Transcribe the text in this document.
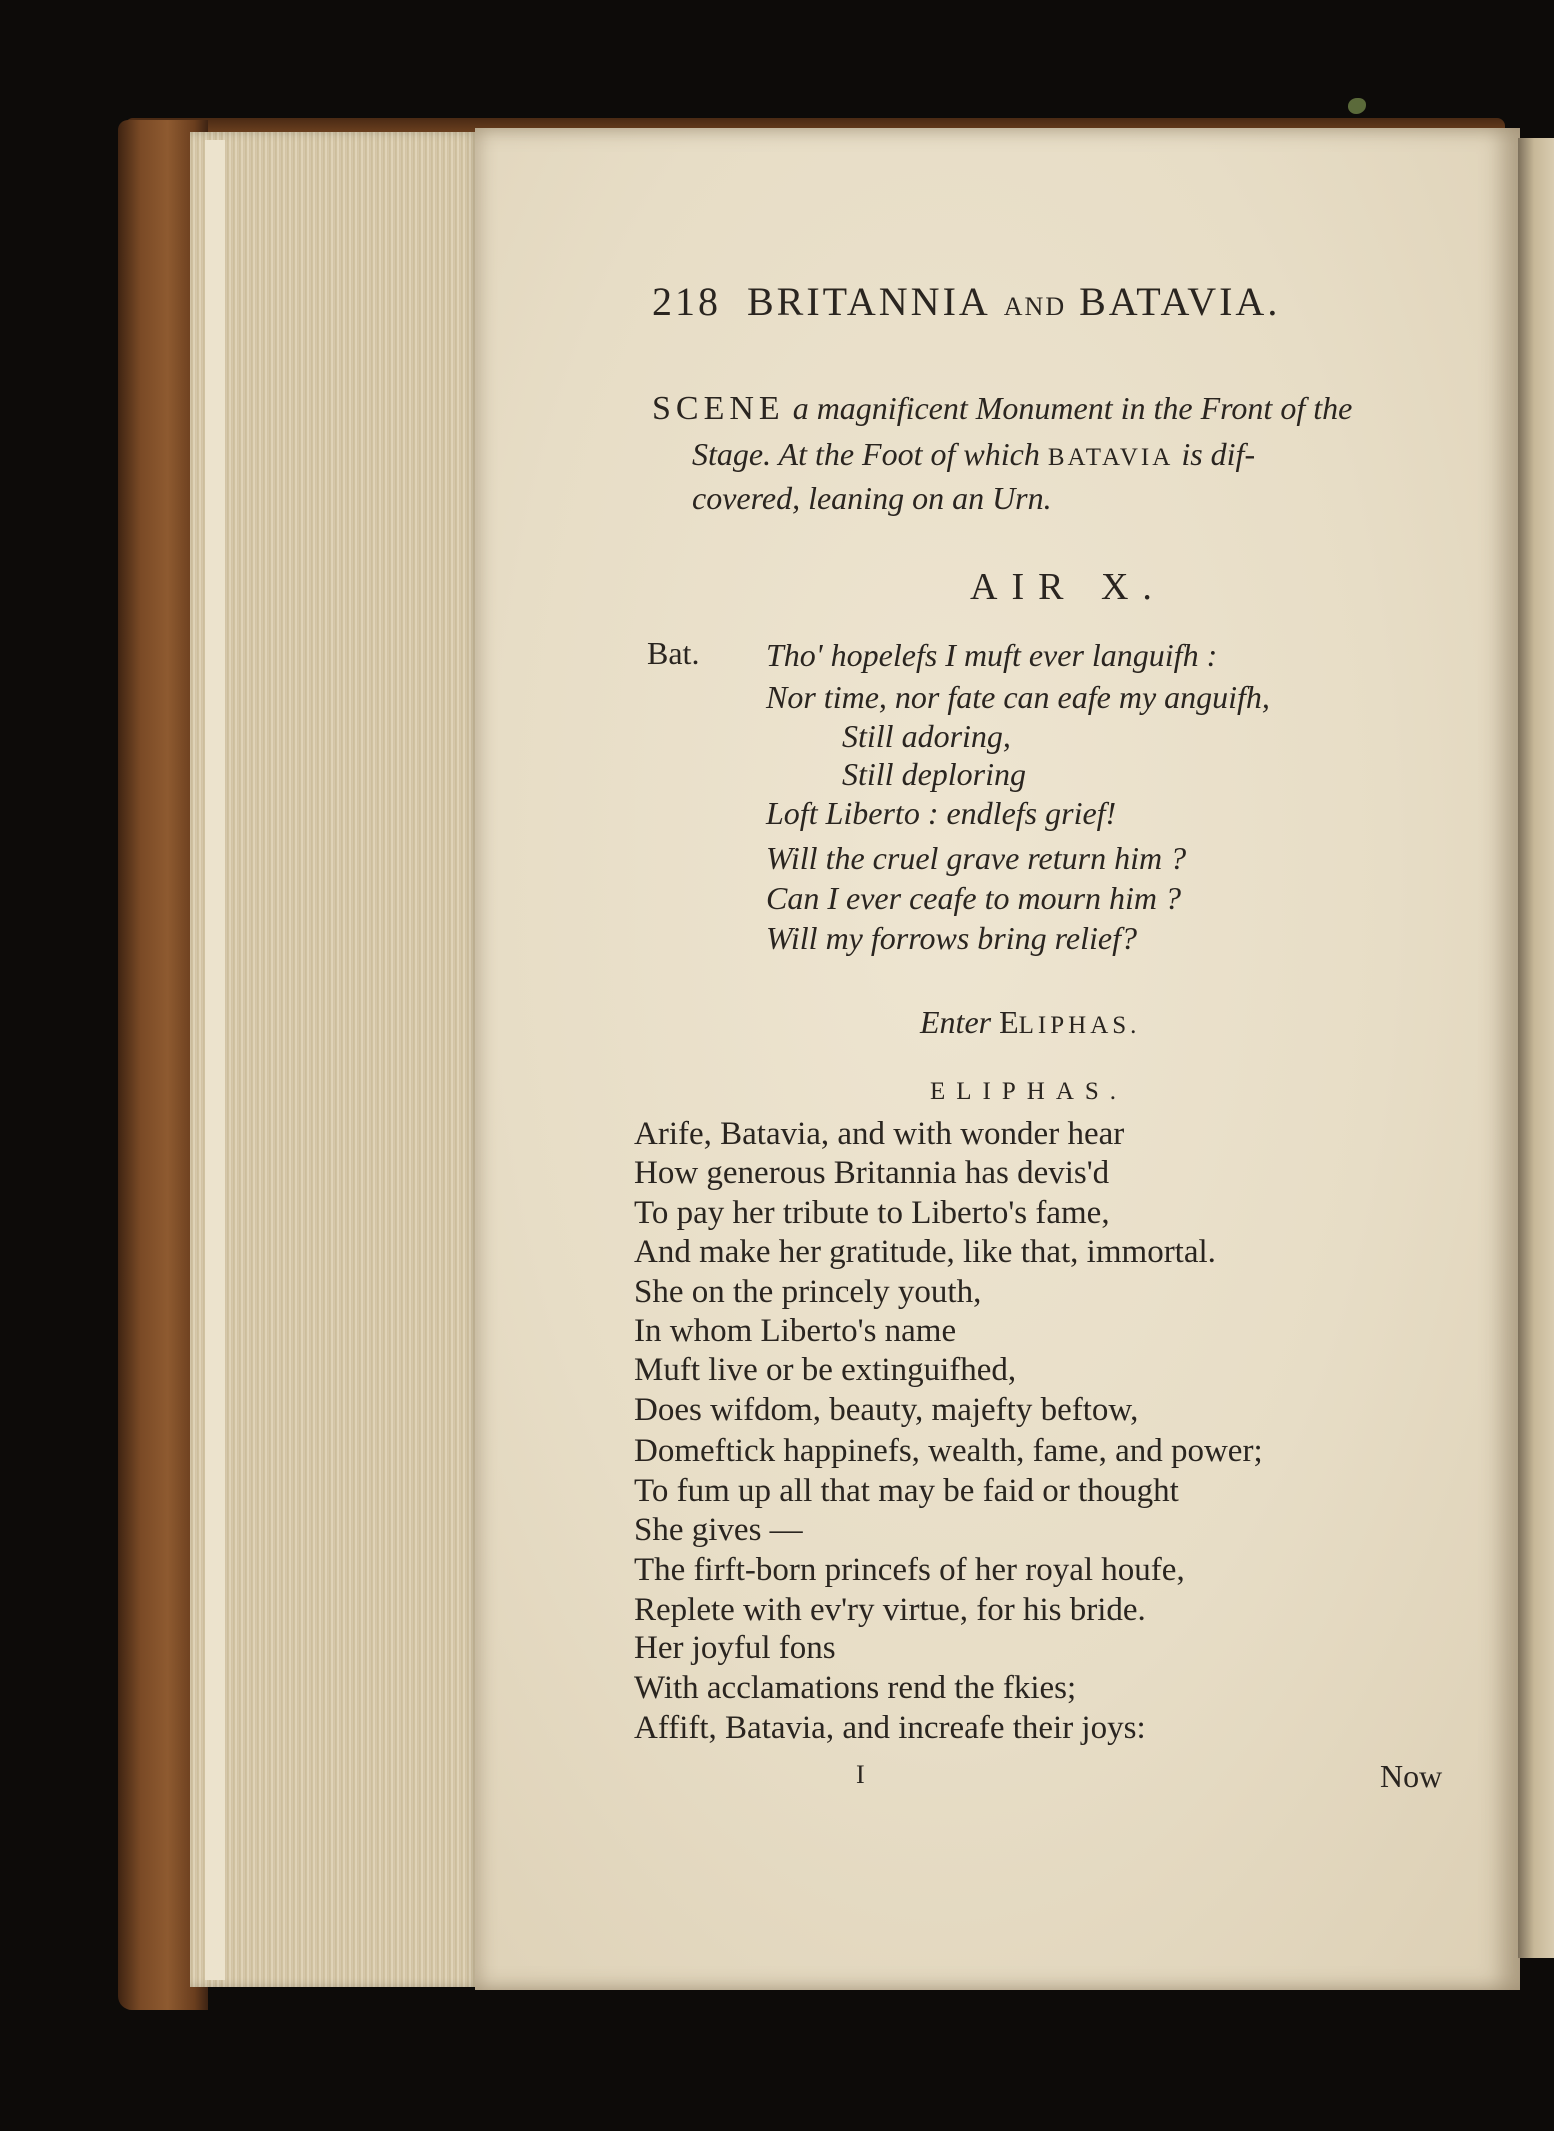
218 BRITANNIA AND BATAVIA.

SCENE a magnificent Monument in the Front of the

Stage. At the Foot of which BATAVIA is dif-

covered, leaning on an Urn.

AIR X.

Bat. Tho' hopelefs I muft ever languifh :

Nor time, nor fate can eafe my anguifh,

Still adoring,

Still deploring

Loft Liberto : endlefs grief!

Will the cruel grave return him ?

Can I ever ceafe to mourn him ?

Will my forrows bring relief?

Enter ELIPHAS.

ELIPHAS.

Arife, Batavia, and with wonder hear

How generous Britannia has devis'd

To pay her tribute to Liberto's fame,

And make her gratitude, like that, immortal.

She on the princely youth,

In whom Liberto's name

Muft live or be extinguifhed,

Does wifdom, beauty, majefty beftow,

Domeftick happinefs, wealth, fame, and power;

To fum up all that may be faid or thought

She gives —

The firft-born princefs of her royal houfe,

Replete with ev'ry virtue, for his bride.

Her joyful fons

With acclamations rend the fkies;

Affift, Batavia, and increafe their joys:

I	Now
